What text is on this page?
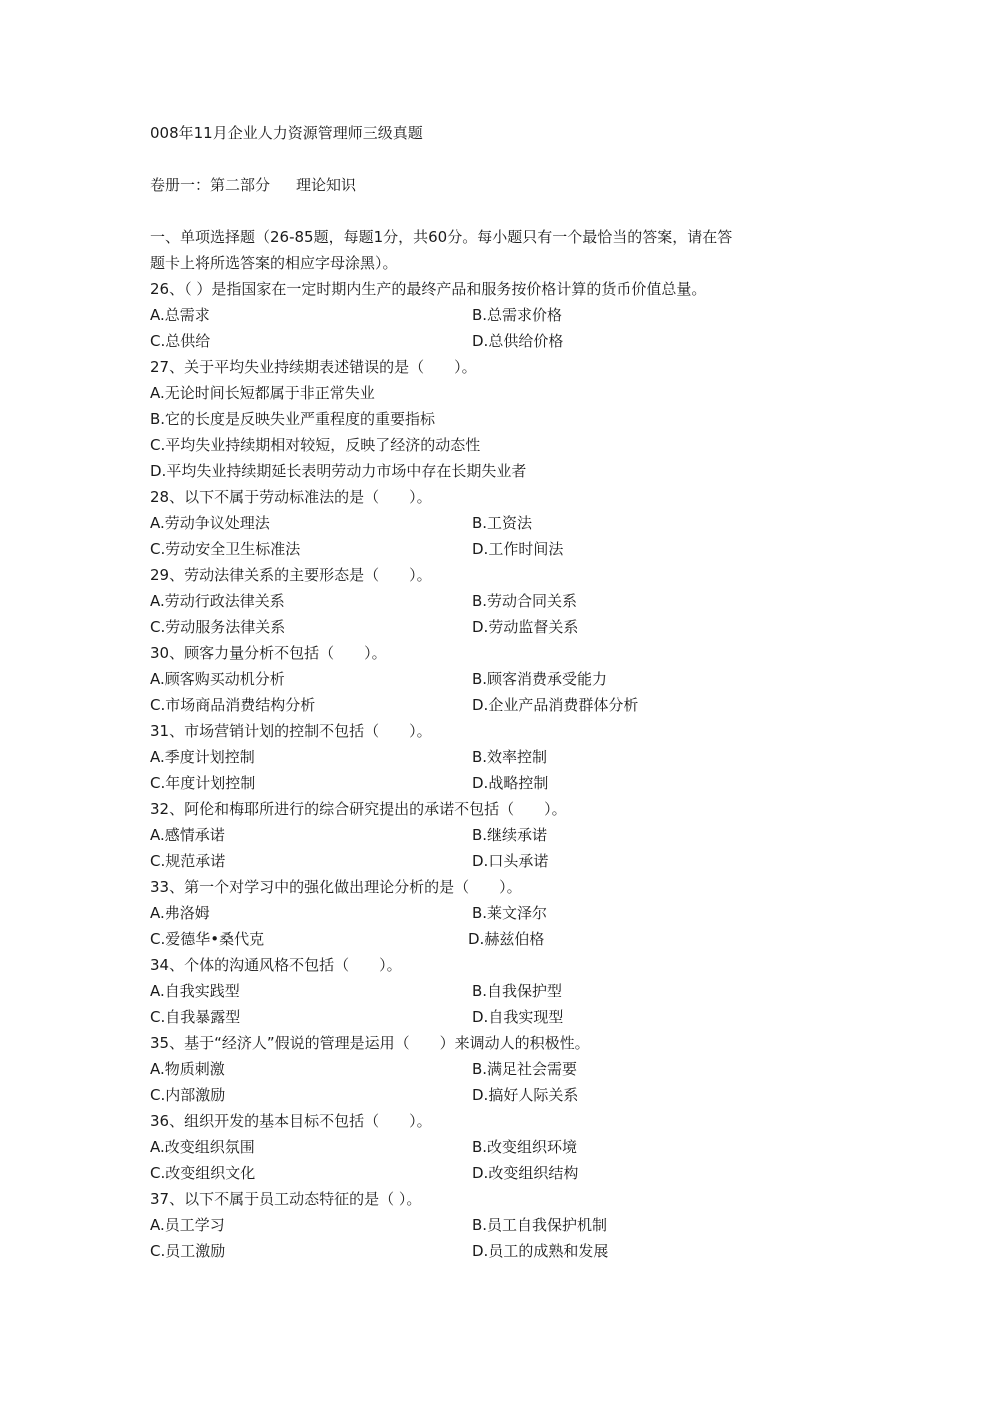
008年11月企业人力资源管理师三级真题
卷册一：第二部分 理论知识
一、单项选择题（26-85题，每题1分，共60分。每小题只有一个最恰当的答案，请在答
题卡上将所选答案的相应字母涂黑）。
26、（ ）是指国家在一定时期内生产的最终产品和服务按价格计算的货币价值总量。
A.总需求	B.总需求价格
C.总供给	D.总供给价格
27、关于平均失业持续期表述错误的是（　　）。
A.无论时间长短都属于非正常失业
B.它的长度是反映失业严重程度的重要指标
C.平均失业持续期相对较短，反映了经济的动态性
D.平均失业持续期延长表明劳动力市场中存在长期失业者
28、以下不属于劳动标准法的是（　　）。
A.劳动争议处理法	B.工资法
C.劳动安全卫生标准法	D.工作时间法
29、劳动法律关系的主要形态是（　　）。
A.劳动行政法律关系	B.劳动合同关系
C.劳动服务法律关系	D.劳动监督关系
30、顾客力量分析不包括（　　）。
A.顾客购买动机分析	B.顾客消费承受能力
C.市场商品消费结构分析	D.企业产品消费群体分析
31、市场营销计划的控制不包括（　　）。
A.季度计划控制	B.效率控制
C.年度计划控制	D.战略控制
32、阿伦和梅耶所进行的综合研究提出的承诺不包括（　　）。
A.感情承诺	B.继续承诺
C.规范承诺	D.口头承诺
33、第一个对学习中的强化做出理论分析的是（　　）。
A.弗洛姆	B.莱文泽尔
C.爱德华•桑代克	D.赫兹伯格
34、个体的沟通风格不包括（　　）。
A.自我实践型	B.自我保护型
C.自我暴露型	D.自我实现型
35、基于“经济人”假说的管理是运用（　　）来调动人的积极性。
A.物质刺激	B.满足社会需要
C.内部激励	D.搞好人际关系
36、组织开发的基本目标不包括（　　）。
A.改变组织氛围	B.改变组织环境
C.改变组织文化	D.改变组织结构
37、以下不属于员工动态特征的是（ ）。
A.员工学习	B.员工自我保护机制
C.员工激励	D.员工的成熟和发展
